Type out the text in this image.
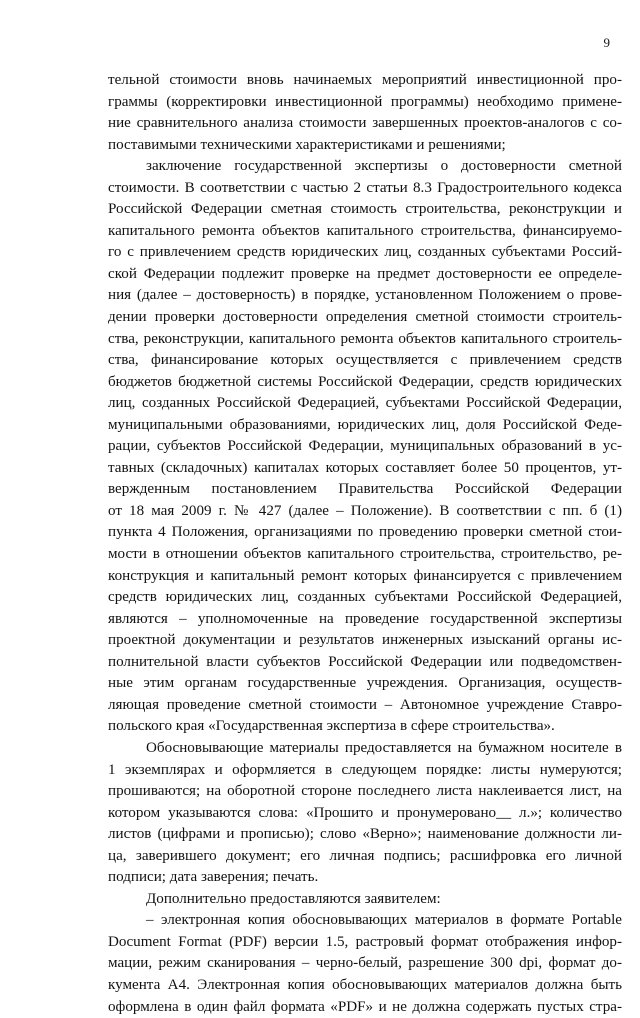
9
тельной стоимости вновь начинаемых мероприятий инвестиционной про-
граммы (корректировки инвестиционной программы) необходимо примене-
ние сравнительного анализа стоимости завершенных проектов-аналогов с со-
поставимыми техническими характеристиками и решениями;
заключение государственной экспертизы о достоверности сметной
стоимости. В соответствии с частью 2 статьи 8.3 Градостроительного кодекса
Российской Федерации сметная стоимость строительства, реконструкции и
капитального ремонта объектов капитального строительства, финансируемо-
го с привлечением средств юридических лиц, созданных субъектами Россий-
ской Федерации подлежит проверке на предмет достоверности ее определе-
ния (далее – достоверность) в порядке, установленном Положением о прове-
дении проверки достоверности определения сметной стоимости строитель-
ства, реконструкции, капитального ремонта объектов капитального строитель-
ства, финансирование которых осуществляется с привлечением средств
бюджетов бюджетной системы Российской Федерации, средств юридических
лиц, созданных Российской Федерацией, субъектами Российской Федерации,
муниципальными образованиями, юридических лиц, доля Российской Феде-
рации, субъектов Российской Федерации, муниципальных образований в ус-
тавных (складочных) капиталах которых составляет более 50 процентов, ут-
вержденным постановлением Правительства Российской Федерации
от 18 мая 2009 г. № 427 (далее – Положение). В соответствии с пп. б (1)
пункта 4 Положения, организациями по проведению проверки сметной стои-
мости в отношении объектов капитального строительства, строительство, ре-
конструкция и капитальный ремонт которых финансируется с привлечением
средств юридических лиц, созданных субъектами Российской Федерацией,
являются – уполномоченные на проведение государственной экспертизы
проектной документации и результатов инженерных изысканий органы ис-
полнительной власти субъектов Российской Федерации или подведомствен-
ные этим органам государственные учреждения. Организация, осуществ-
ляющая проведение сметной стоимости – Автономное учреждение Ставро-
польского края «Государственная экспертиза в сфере строительства».
Обосновывающие материалы предоставляется на бумажном носителе в
1 экземплярах и оформляется в следующем порядке: листы нумеруются;
прошиваются; на оборотной стороне последнего листа наклеивается лист, на
котором указываются слова: «Прошито и пронумеровано__ л.»; количество
листов (цифрами и прописью); слово «Верно»; наименование должности ли-
ца, заверившего документ; его личная подпись; расшифровка его личной
подписи; дата заверения; печать.
Дополнительно предоставляются заявителем:
– электронная копия обосновывающих материалов в формате Portable
Document Format (PDF) версии 1.5, растровый формат отображения инфор-
мации, режим сканирования – черно-белый, разрешение 300 dpi, формат до-
кумента А4. Электронная копия обосновывающих материалов должна быть
оформлена в один файл формата «PDF» и не должна содержать пустых стра-
